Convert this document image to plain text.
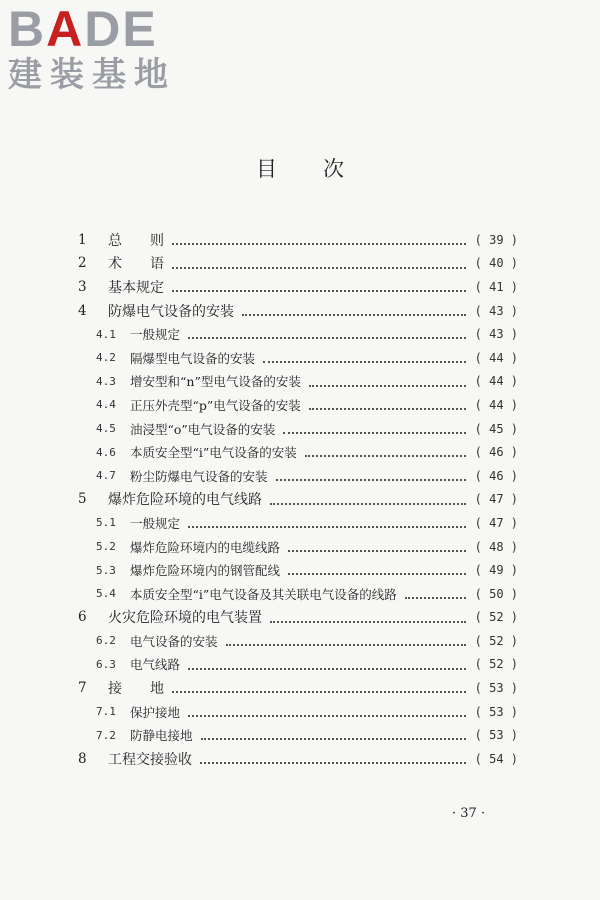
BADE
建装基地
目次
1	总　　则	( 39 )
2	术　　语	( 40 )
3	基本规定	( 41 )
4	防爆电气设备的安装	( 43 )
4.1	一般规定	( 43 )
4.2	隔爆型电气设备的安装	( 44 )
4.3	增安型和“n”型电气设备的安装	( 44 )
4.4	正压外壳型“p”电气设备的安装	( 44 )
4.5	油浸型“o”电气设备的安装	( 45 )
4.6	本质安全型“i”电气设备的安装	( 46 )
4.7	粉尘防爆电气设备的安装	( 46 )
5	爆炸危险环境的电气线路	( 47 )
5.1	一般规定	( 47 )
5.2	爆炸危险环境内的电缆线路	( 48 )
5.3	爆炸危险环境内的钢管配线	( 49 )
5.4	本质安全型“i”电气设备及其关联电气设备的线路	( 50 )
6	火灾危险环境的电气装置	( 52 )
6.2	电气设备的安装	( 52 )
6.3	电气线路	( 52 )
7	接　　地	( 53 )
7.1	保护接地	( 53 )
7.2	防静电接地	( 53 )
8	工程交接验收	( 54 )
· 37 ·
